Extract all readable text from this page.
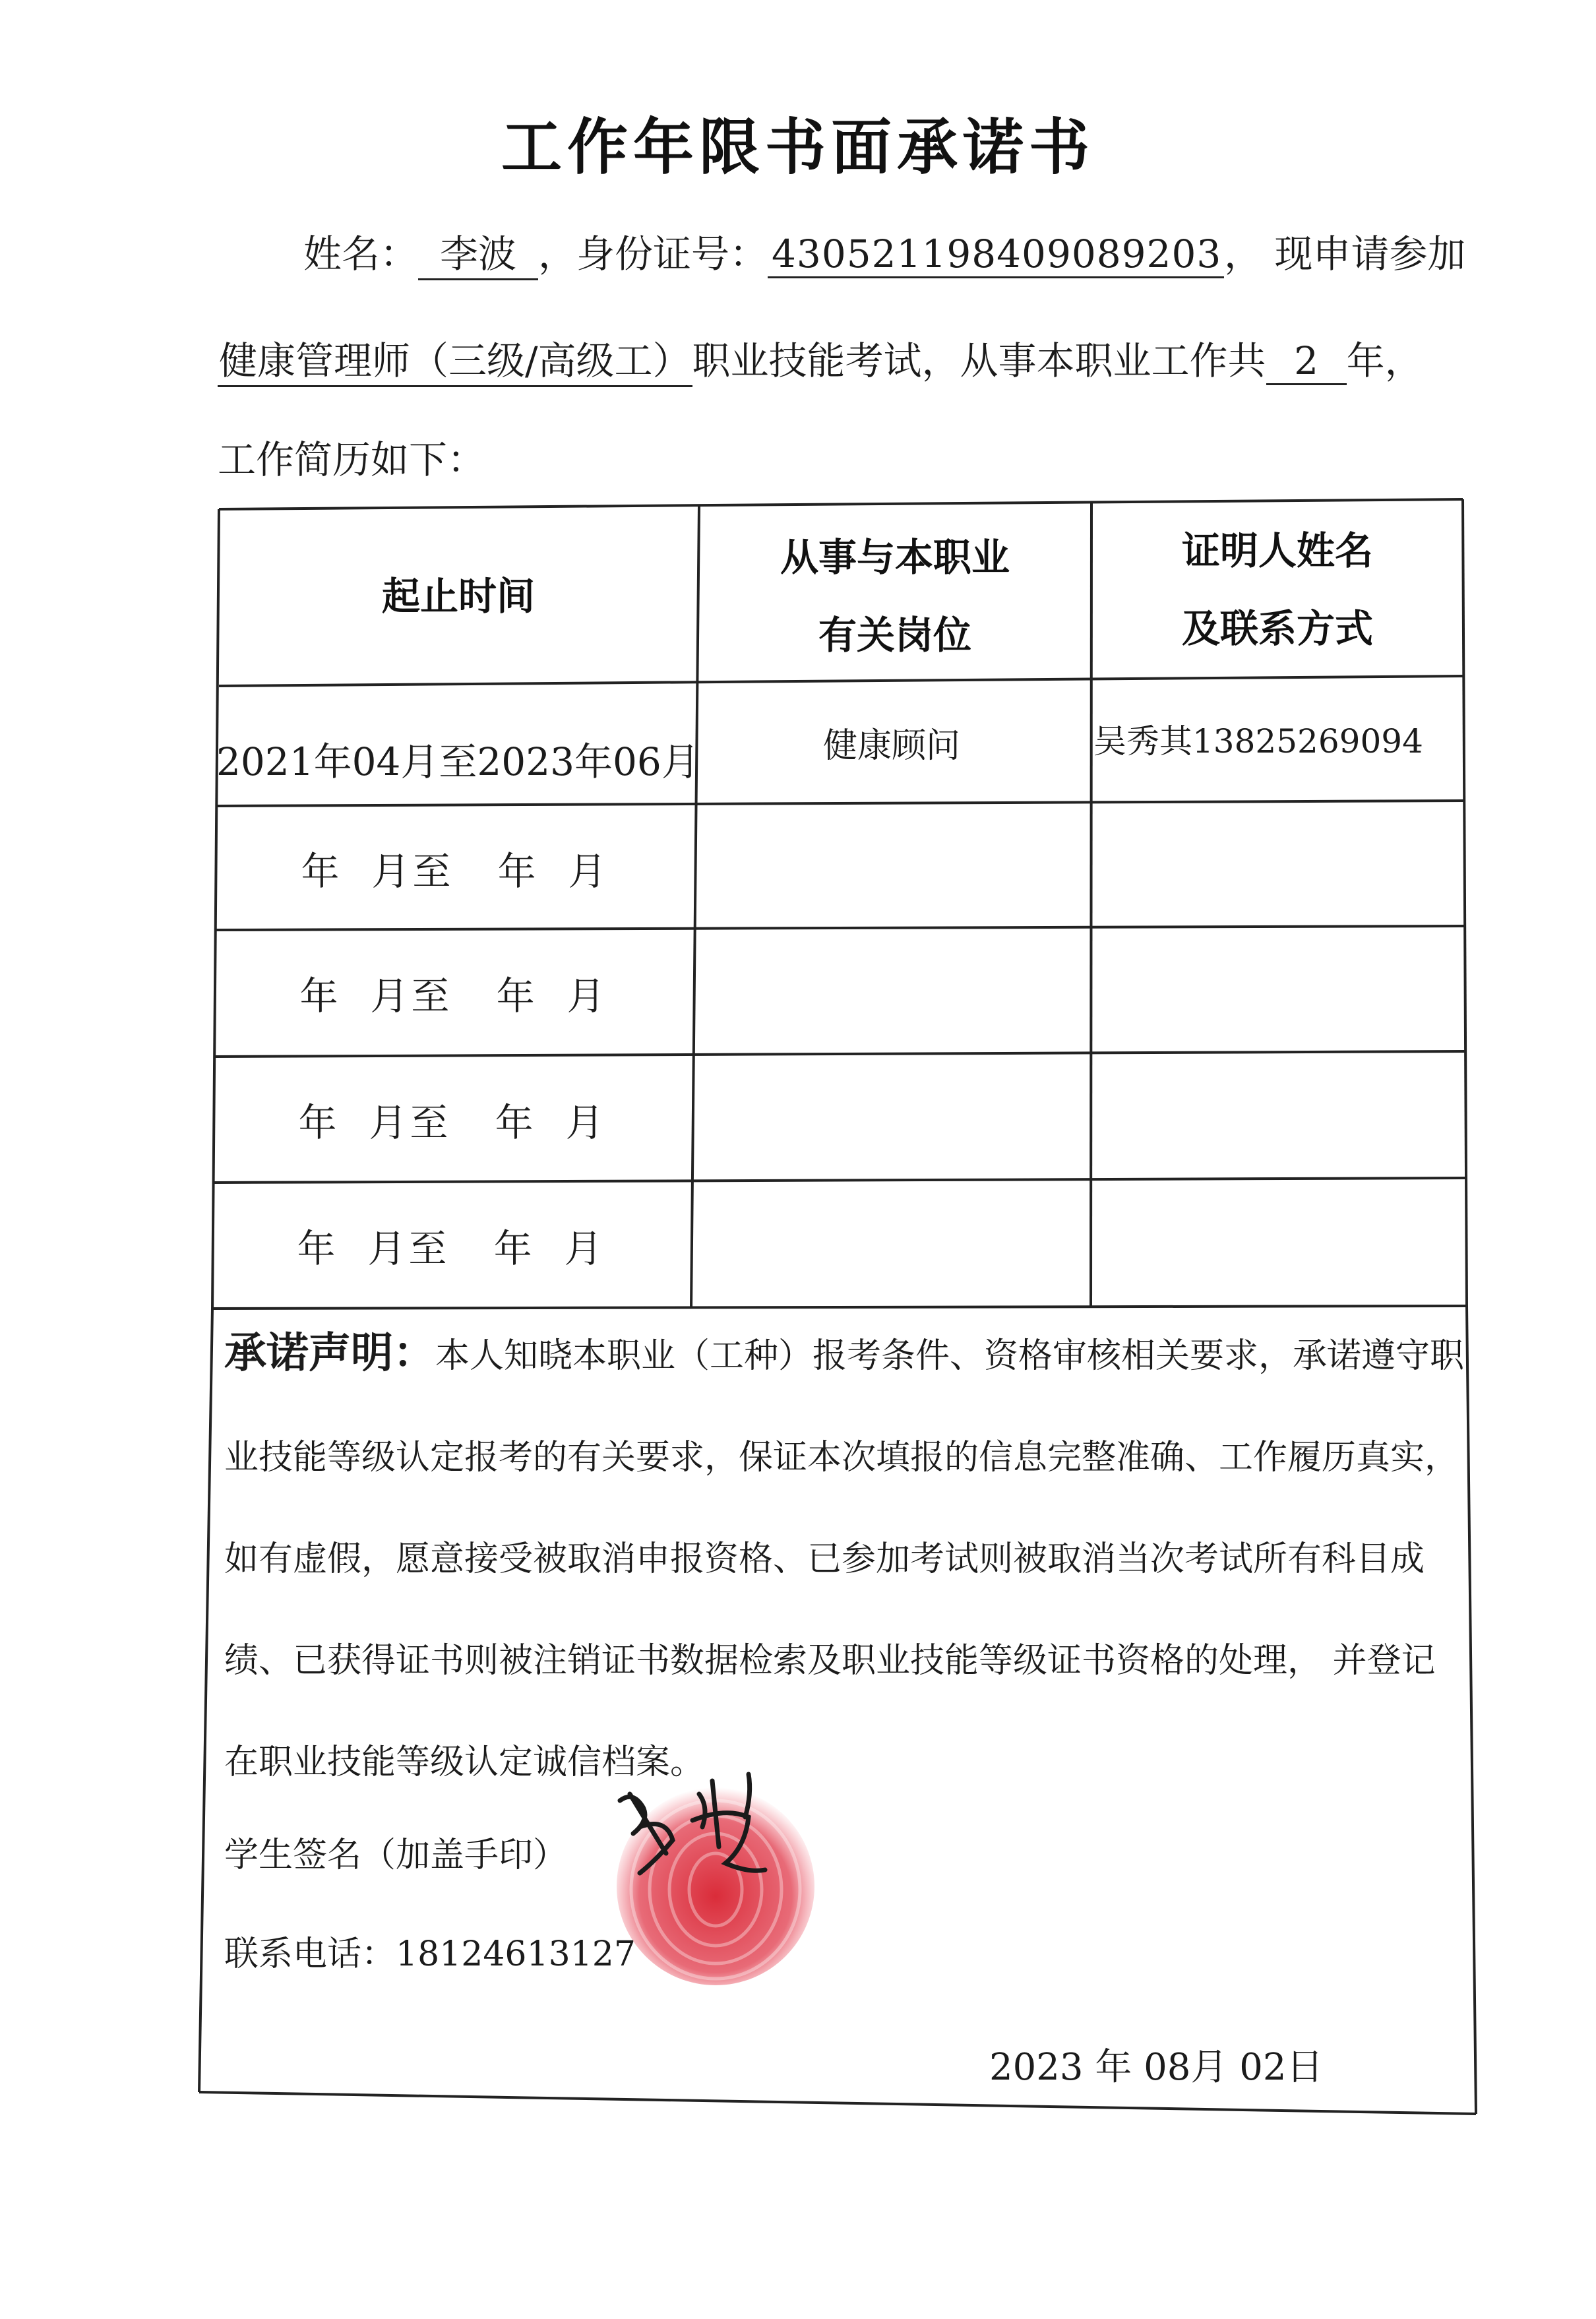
工作年限书面承诺书
姓名： 李波 ，身份证号： 430521198409089203， 现申请参加
健康管理师（三级/高级工）职业技能考试，从事本职业工作共 2 年，
工作简历如下：
起止时间
从事与本职业
有关岗位
证明人姓名
及联系方式
2021年04月至2023年06月	健康顾问	吴秀其13825269094
年  月至   年  月
年  月至   年  月
年  月至   年  月
年  月至   年  月
承诺声明：本人知晓本职业（工种）报考条件、资格审核相关要求，承诺遵守职业技能等级认定报考的有关要求，保证本次填报的信息完整准确、工作履历真实，如有虚假，愿意接受被取消申报资格、已参加考试则被取消当次考试所有科目成绩、已获得证书则被注销证书数据检索及职业技能等级证书资格的处理， 并登记在职业技能等级认定诚信档案。
学生签名（加盖手印）
联系电话：18124613127
2023 年 08月 02日
